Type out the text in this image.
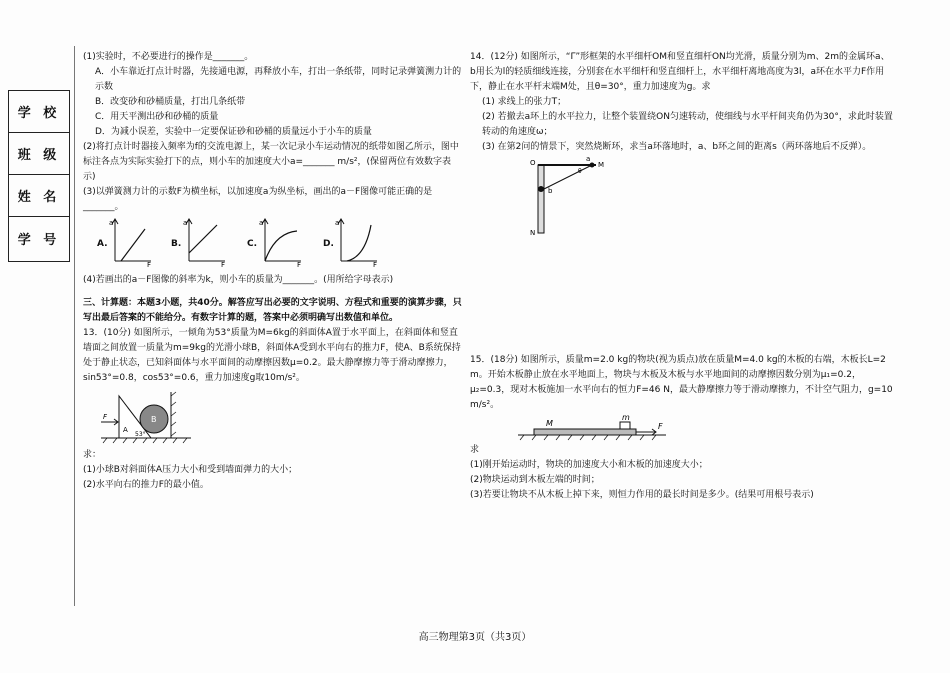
学 校
班 级
姓 名
学 号

(1)实验时，不必要进行的操作是_______。

A．小车靠近打点计时器，先接通电源，再释放小车，打出一条纸带，同时记录弹簧测力计的示数

B．改变砂和砂桶质量，打出几条纸带

C．用天平测出砂和砂桶的质量

D．为减小误差，实验中一定要保证砂和砂桶的质量远小于小车的质量

(2)将打点计时器接入频率为f的交流电源上，某一次记录小车运动情况的纸带如图乙所示，图中标注各点为实际实验打下的点，则小车的加速度大小a=_______ m/s²，(保留两位有效数字表示)

(3)以弹簧测力计的示数F为横坐标，以加速度a为纵坐标，画出的a－F图像可能正确的是_______。

A.
a
F
B.
a
F
C.
a
F
D.
a
F

(4)若画出的a－F图像的斜率为k，则小车的质量为_______。(用所给字母表示)

三、计算题：本题3小题，共40分。解答应写出必要的文字说明、方程式和重要的演算步骤，只写出最后答案的不能给分。有数字计算的题，答案中必须明确写出数值和单位。

13．(10分) 如图所示，一倾角为53°质量为M=6kg的斜面体A置于水平面上，在斜面体和竖直墙面之间放置一质量为m=9kg的光滑小球B，斜面体A受到水平向右的推力F，使A、B系统保持处于静止状态，已知斜面体与水平面间的动摩擦因数μ=0.2。最大静摩擦力等于滑动摩擦力，sin53°=0.8，cos53°=0.6，重力加速度g取10m/s²。

F
A
B
53°

求：

(1)小球B对斜面体A压力大小和受到墙面弹力的大小；

(2)水平向右的推力F的最小值。

14．(12分) 如图所示，“Γ”形框架的水平细杆OM和竖直细杆ON均光滑，质量分别为m、2m的金属环a、b用长为l的轻质细线连接，分别套在水平细杆和竖直细杆上，水平细杆离地高度为3l，a环在水平力F作用下，静止在水平杆末端M处，且θ=30°，重力加速度为g。求

(1) 求线上的张力T；

(2) 若撤去a环上的水平拉力，让整个装置绕ON匀速转动，使细线与水平杆间夹角仍为30°，求此时装置转动的角速度ω；

(3) 在第2问的情景下，突然烧断环，求当a环落地时，a、b环之间的距离s（两环落地后不反弹）。

O	M
N
a
b
θ

15．(18分) 如图所示，质量m=2.0 kg的物块(视为质点)放在质量M=4.0 kg的木板的右端，木板长L=2 m。开始木板静止放在水平地面上，物块与木板及木板与水平地面间的动摩擦因数分别为μ₁=0.2，μ₂=0.3，现对木板施加一水平向右的恒力F=46 N，最大静摩擦力等于滑动摩擦力，不计空气阻力，g=10 m/s²。

M
m
F

求

(1)刚开始运动时，物块的加速度大小和木板的加速度大小；

(2)物块运动到木板左端的时间；

(3)若要让物块不从木板上掉下来，则恒力作用的最长时间是多少。(结果可用根号表示)

高三物理第3页（共3页）
